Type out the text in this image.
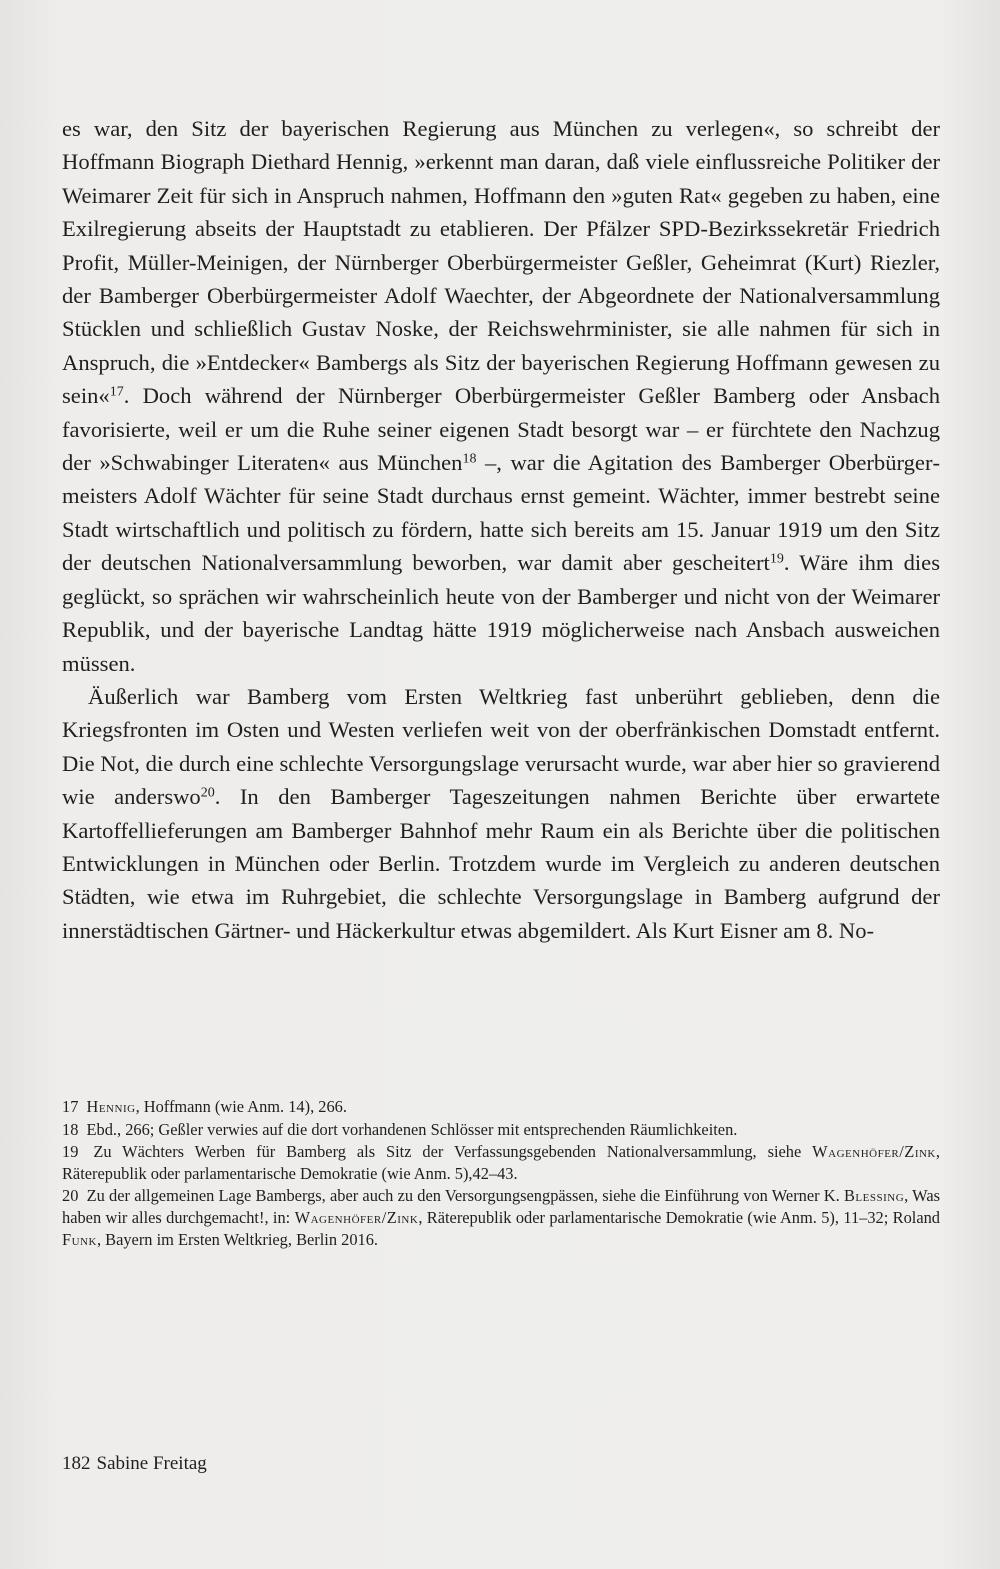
es war, den Sitz der bayerischen Regierung aus München zu verlegen«, so schreibt der Hoffmann Biograph Diethard Hennig, »erkennt man daran, daß viele einflussreiche Politiker der Weimarer Zeit für sich in Anspruch nahmen, Hoffmann den »guten Rat« gegeben zu haben, eine Exilregierung abseits der Hauptstadt zu etablieren. Der Pfälzer SPD-Bezirkssekretär Friedrich Profit, Müller-Meinigen, der Nürnberger Oberbürgermeister Geßler, Geheimrat (Kurt) Riezler, der Bamberger Oberbürgermeister Adolf Waechter, der Abgeordnete der Nationalversammlung Stücklen und schließlich Gustav Noske, der Reichswehrminister, sie alle nahmen für sich in Anspruch, die »Entdecker« Bambergs als Sitz der bayerischen Regierung Hoffmann gewesen zu sein«$^{17}$. Doch während der Nürnberger Oberbürgermeister Geßler Bamberg oder Ansbach favorisierte, weil er um die Ruhe seiner eigenen Stadt besorgt war – er fürchtete den Nachzug der »Schwabinger Literaten« aus München$^{18}$ –, war die Agitation des Bamberger Oberbürgermeisters Adolf Wächter für seine Stadt durchaus ernst gemeint. Wächter, immer bestrebt seine Stadt wirtschaftlich und politisch zu fördern, hatte sich bereits am 15. Januar 1919 um den Sitz der deutschen Nationalversammlung beworben, war damit aber gescheitert$^{19}$. Wäre ihm dies geglückt, so sprächen wir wahrscheinlich heute von der Bamberger und nicht von der Weimarer Republik, und der bayerische Landtag hätte 1919 möglicherweise nach Ansbach ausweichen müssen.

Äußerlich war Bamberg vom Ersten Weltkrieg fast unberührt geblieben, denn die Kriegsfronten im Osten und Westen verliefen weit von der oberfränkischen Domstadt entfernt. Die Not, die durch eine schlechte Versorgungslage verursacht wurde, war aber hier so gravierend wie anderswo$^{20}$. In den Bamberger Tageszeitungen nahmen Berichte über erwartete Kartoffellieferungen am Bamberger Bahnhof mehr Raum ein als Berichte über die politischen Entwicklungen in München oder Berlin. Trotzdem wurde im Vergleich zu anderen deutschen Städten, wie etwa im Ruhrgebiet, die schlechte Versorgungslage in Bamberg aufgrund der innerstädtischen Gärtner- und Häckerkultur etwas abgemildert. Als Kurt Eisner am 8. No-

17 Hennig, Hoffmann (wie Anm. 14), 266.

18 Ebd., 266; Geßler verwies auf die dort vorhandenen Schlösser mit entsprechenden Räumlichkeiten.

19 Zu Wächters Werben für Bamberg als Sitz der Verfassungsgebenden Nationalversammlung, siehe Wagenhöfer/Zink, Räterepublik oder parlamentarische Demokratie (wie Anm. 5),42–43.

20 Zu der allgemeinen Lage Bambergs, aber auch zu den Versorgungsengpässen, siehe die Einführung von Werner K. Blessing, Was haben wir alles durchgemacht!, in: Wagenhöfer/Zink, Räterepublik oder parlamentarische Demokratie (wie Anm. 5), 11–32; Roland Funk, Bayern im Ersten Weltkrieg, Berlin 2016.

182 Sabine Freitag
